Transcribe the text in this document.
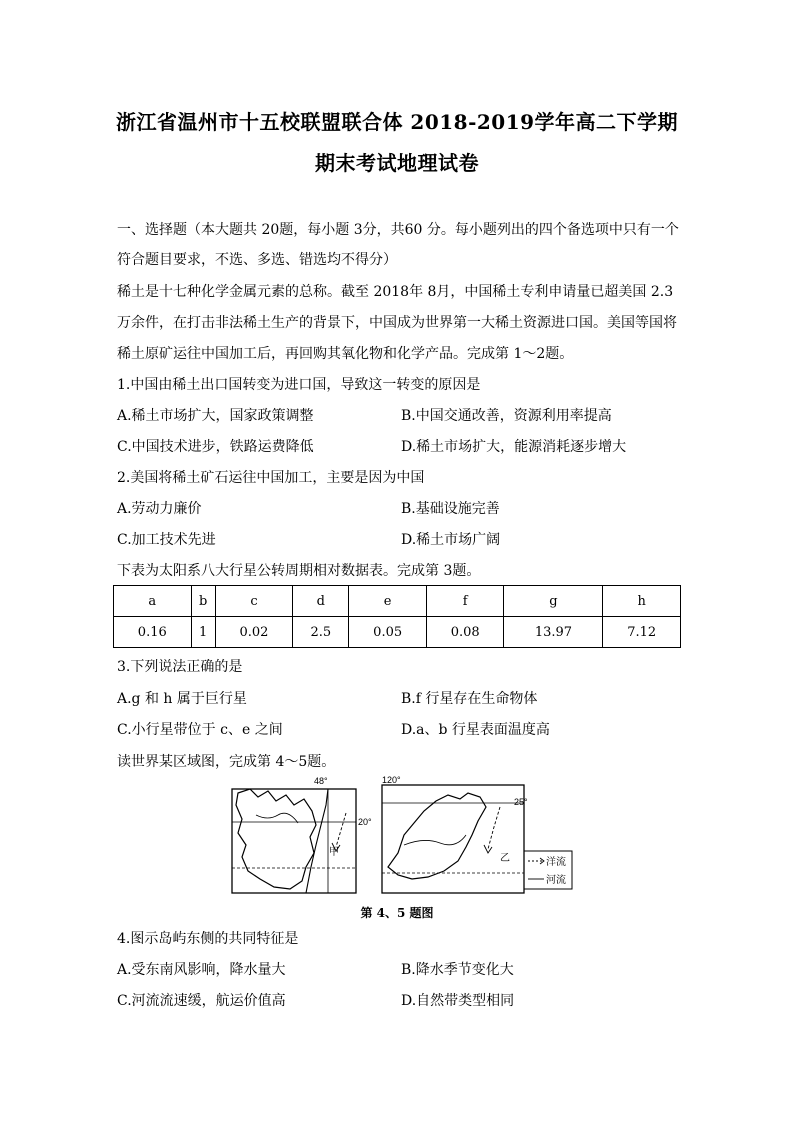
浙江省温州市十五校联盟联合体 2018-2019学年高二下学期
期末考试地理试卷
一、选择题（本大题共 20题，每小题 3分，共60 分。每小题列出的四个备选项中只有一个
符合题目要求，不选、多选、错选均不得分）
稀土是十七种化学金属元素的总称。截至 2018年 8月，中国稀土专利申请量已超美国 2.3
万余件，在打击非法稀土生产的背景下，中国成为世界第一大稀土资源进口国。美国等国将
稀土原矿运往中国加工后，再回购其氧化物和化学产品。完成第 1～2题。
1.中国由稀土出口国转变为进口国，导致这一转变的原因是
A.稀土市场扩大，国家政策调整	B.中国交通改善，资源利用率提高
C.中国技术进步，铁路运费降低	D.稀土市场扩大，能源消耗逐步增大
2.美国将稀土矿石运往中国加工，主要是因为中国
A.劳动力廉价	B.基础设施完善
C.加工技术先进	D.稀土市场广阔
下表为太阳系八大行星公转周期相对数据表。完成第 3题。
a	b	c	d	e	f	g	h
0.16	1	0.02	2.5	0.05	0.08	13.97	7.12
3.下列说法正确的是
A.g 和 h 属于巨行星	B.f 行星存在生命物体
C.小行星带位于 c、e 之间	D.a、b 行星表面温度高
读世界某区域图，完成第 4～5题。
48°
20°
甲
120°
25°
乙	洋流
河流
第 4、5 题图
4.图示岛屿东侧的共同特征是
A.受东南风影响，降水量大	B.降水季节变化大
C.河流流速缓，航运价值高	D.自然带类型相同
